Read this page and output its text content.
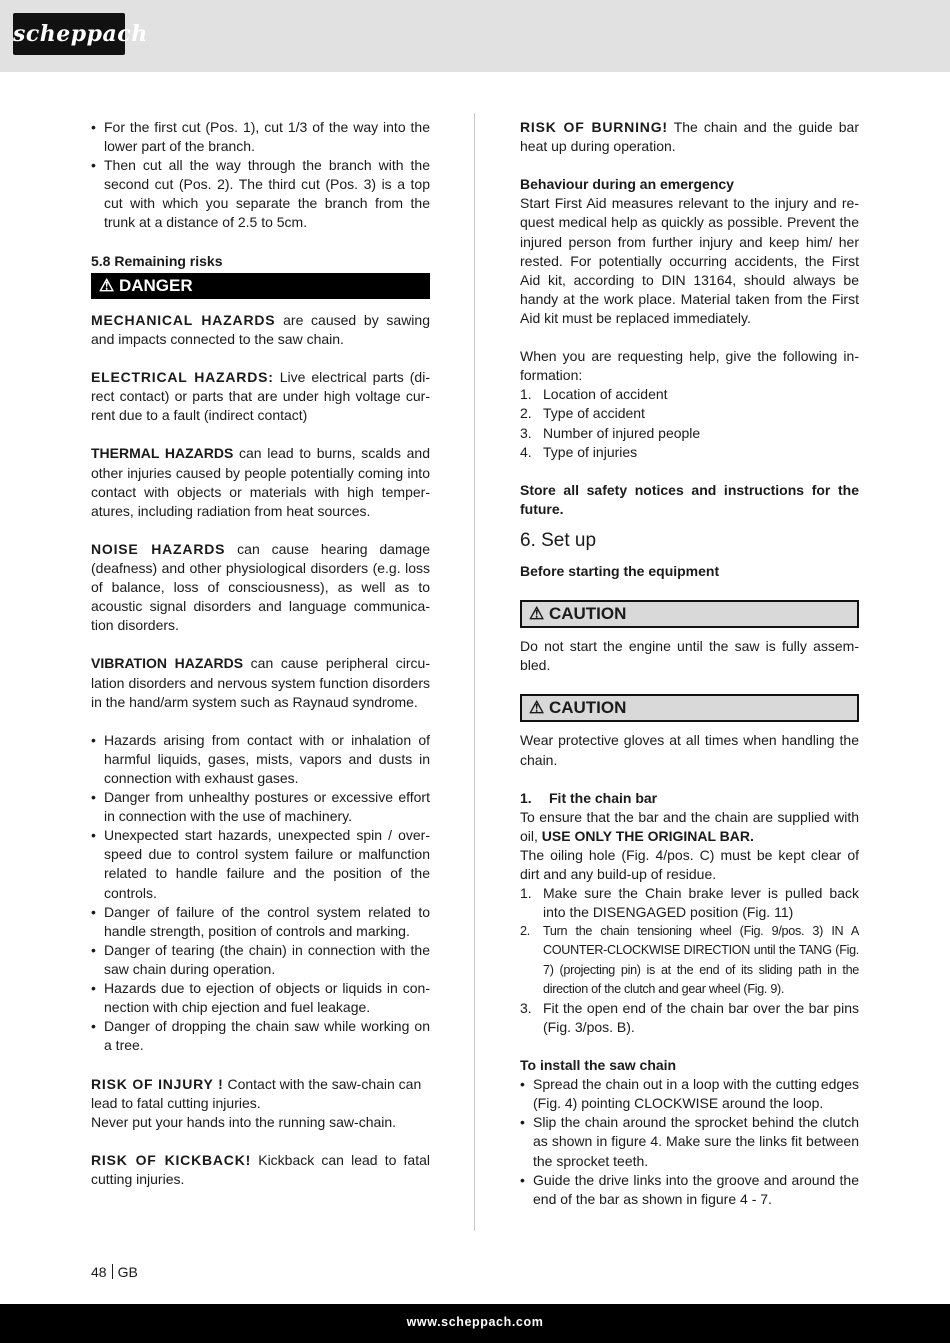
scheppach
• For the first cut (Pos. 1), cut 1/3 of the way into the lower part of the branch.
• Then cut all the way through the branch with the second cut (Pos. 2). The third cut (Pos. 3) is a top cut with which you separate the branch from the trunk at a distance of 2.5 to 5cm.

5.8 Remaining risks

⚠ DANGER

MECHANICAL HAZARDS are caused by sawing and impacts connected to the saw chain.

ELECTRICAL HAZARDS: Live electrical parts (direct contact) or parts that are under high voltage current due to a fault (indirect contact)

THERMAL HAZARDS can lead to burns, scalds and other injuries caused by people potentially coming into contact with objects or materials with high temperatures, including radiation from heat sources.

NOISE HAZARDS can cause hearing damage (deafness) and other physiological disorders (e.g. loss of balance, loss of consciousness), as well as to acoustic signal disorders and language communication disorders.

VIBRATION HAZARDS can cause peripheral circulation disorders and nervous system function disorders in the hand/arm system such as Raynaud syndrome.

• Hazards arising from contact with or inhalation of harmful liquids, gases, mists, vapors and dusts in connection with exhaust gases.
• Danger from unhealthy postures or excessive effort in connection with the use of machinery.
• Unexpected start hazards, unexpected spin / overspeed due to control system failure or malfunction related to handle failure and the position of the controls.
• Danger of failure of the control system related to handle strength, position of controls and marking.
• Danger of tearing (the chain) in connection with the saw chain during operation.
• Hazards due to ejection of objects or liquids in connection with chip ejection and fuel leakage.
• Danger of dropping the chain saw while working on a tree.

RISK OF INJURY ! Contact with the saw-chain can lead to fatal cutting injuries.
Never put your hands into the running saw-chain.

RISK OF KICKBACK! Kickback can lead to fatal cutting injuries.

RISK OF BURNING! The chain and the guide bar heat up during operation.

Behaviour during an emergency

Start First Aid measures relevant to the injury and request medical help as quickly as possible. Prevent the injured person from further injury and keep him/ her rested. For potentially occurring accidents, the First Aid kit, according to DIN 13164, should always be handy at the work place. Material taken from the First Aid kit must be replaced immediately.

When you are requesting help, give the following information:

1. Location of accident
2. Type of accident
3. Number of injured people
4. Type of injuries

Store all safety notices and instructions for the future.

6. Set up

Before starting the equipment

⚠ CAUTION

Do not start the engine until the saw is fully assembled.

⚠ CAUTION

Wear protective gloves at all times when handling the chain.

1. Fit the chain bar

To ensure that the bar and the chain are supplied with oil, USE ONLY THE ORIGINAL BAR.

The oiling hole (Fig. 4/pos. C) must be kept clear of dirt and any build-up of residue.

1. Make sure the Chain brake lever is pulled back into the DISENGAGED position (Fig. 11)
2. Turn the chain tensioning wheel (Fig. 9/pos. 3) IN A COUNTER-CLOCKWISE DIRECTION until the TANG (Fig. 7) (projecting pin) is at the end of its sliding path in the direction of the clutch and gear wheel (Fig. 9).
3. Fit the open end of the chain bar over the bar pins (Fig. 3/pos. B).

To install the saw chain

• Spread the chain out in a loop with the cutting edges (Fig. 4) pointing CLOCKWISE around the loop.
• Slip the chain around the sprocket behind the clutch as shown in figure 4. Make sure the links fit between the sprocket teeth.
• Guide the drive links into the groove and around the end of the bar as shown in figure 4 - 7.
48 GB
www.scheppach.com
